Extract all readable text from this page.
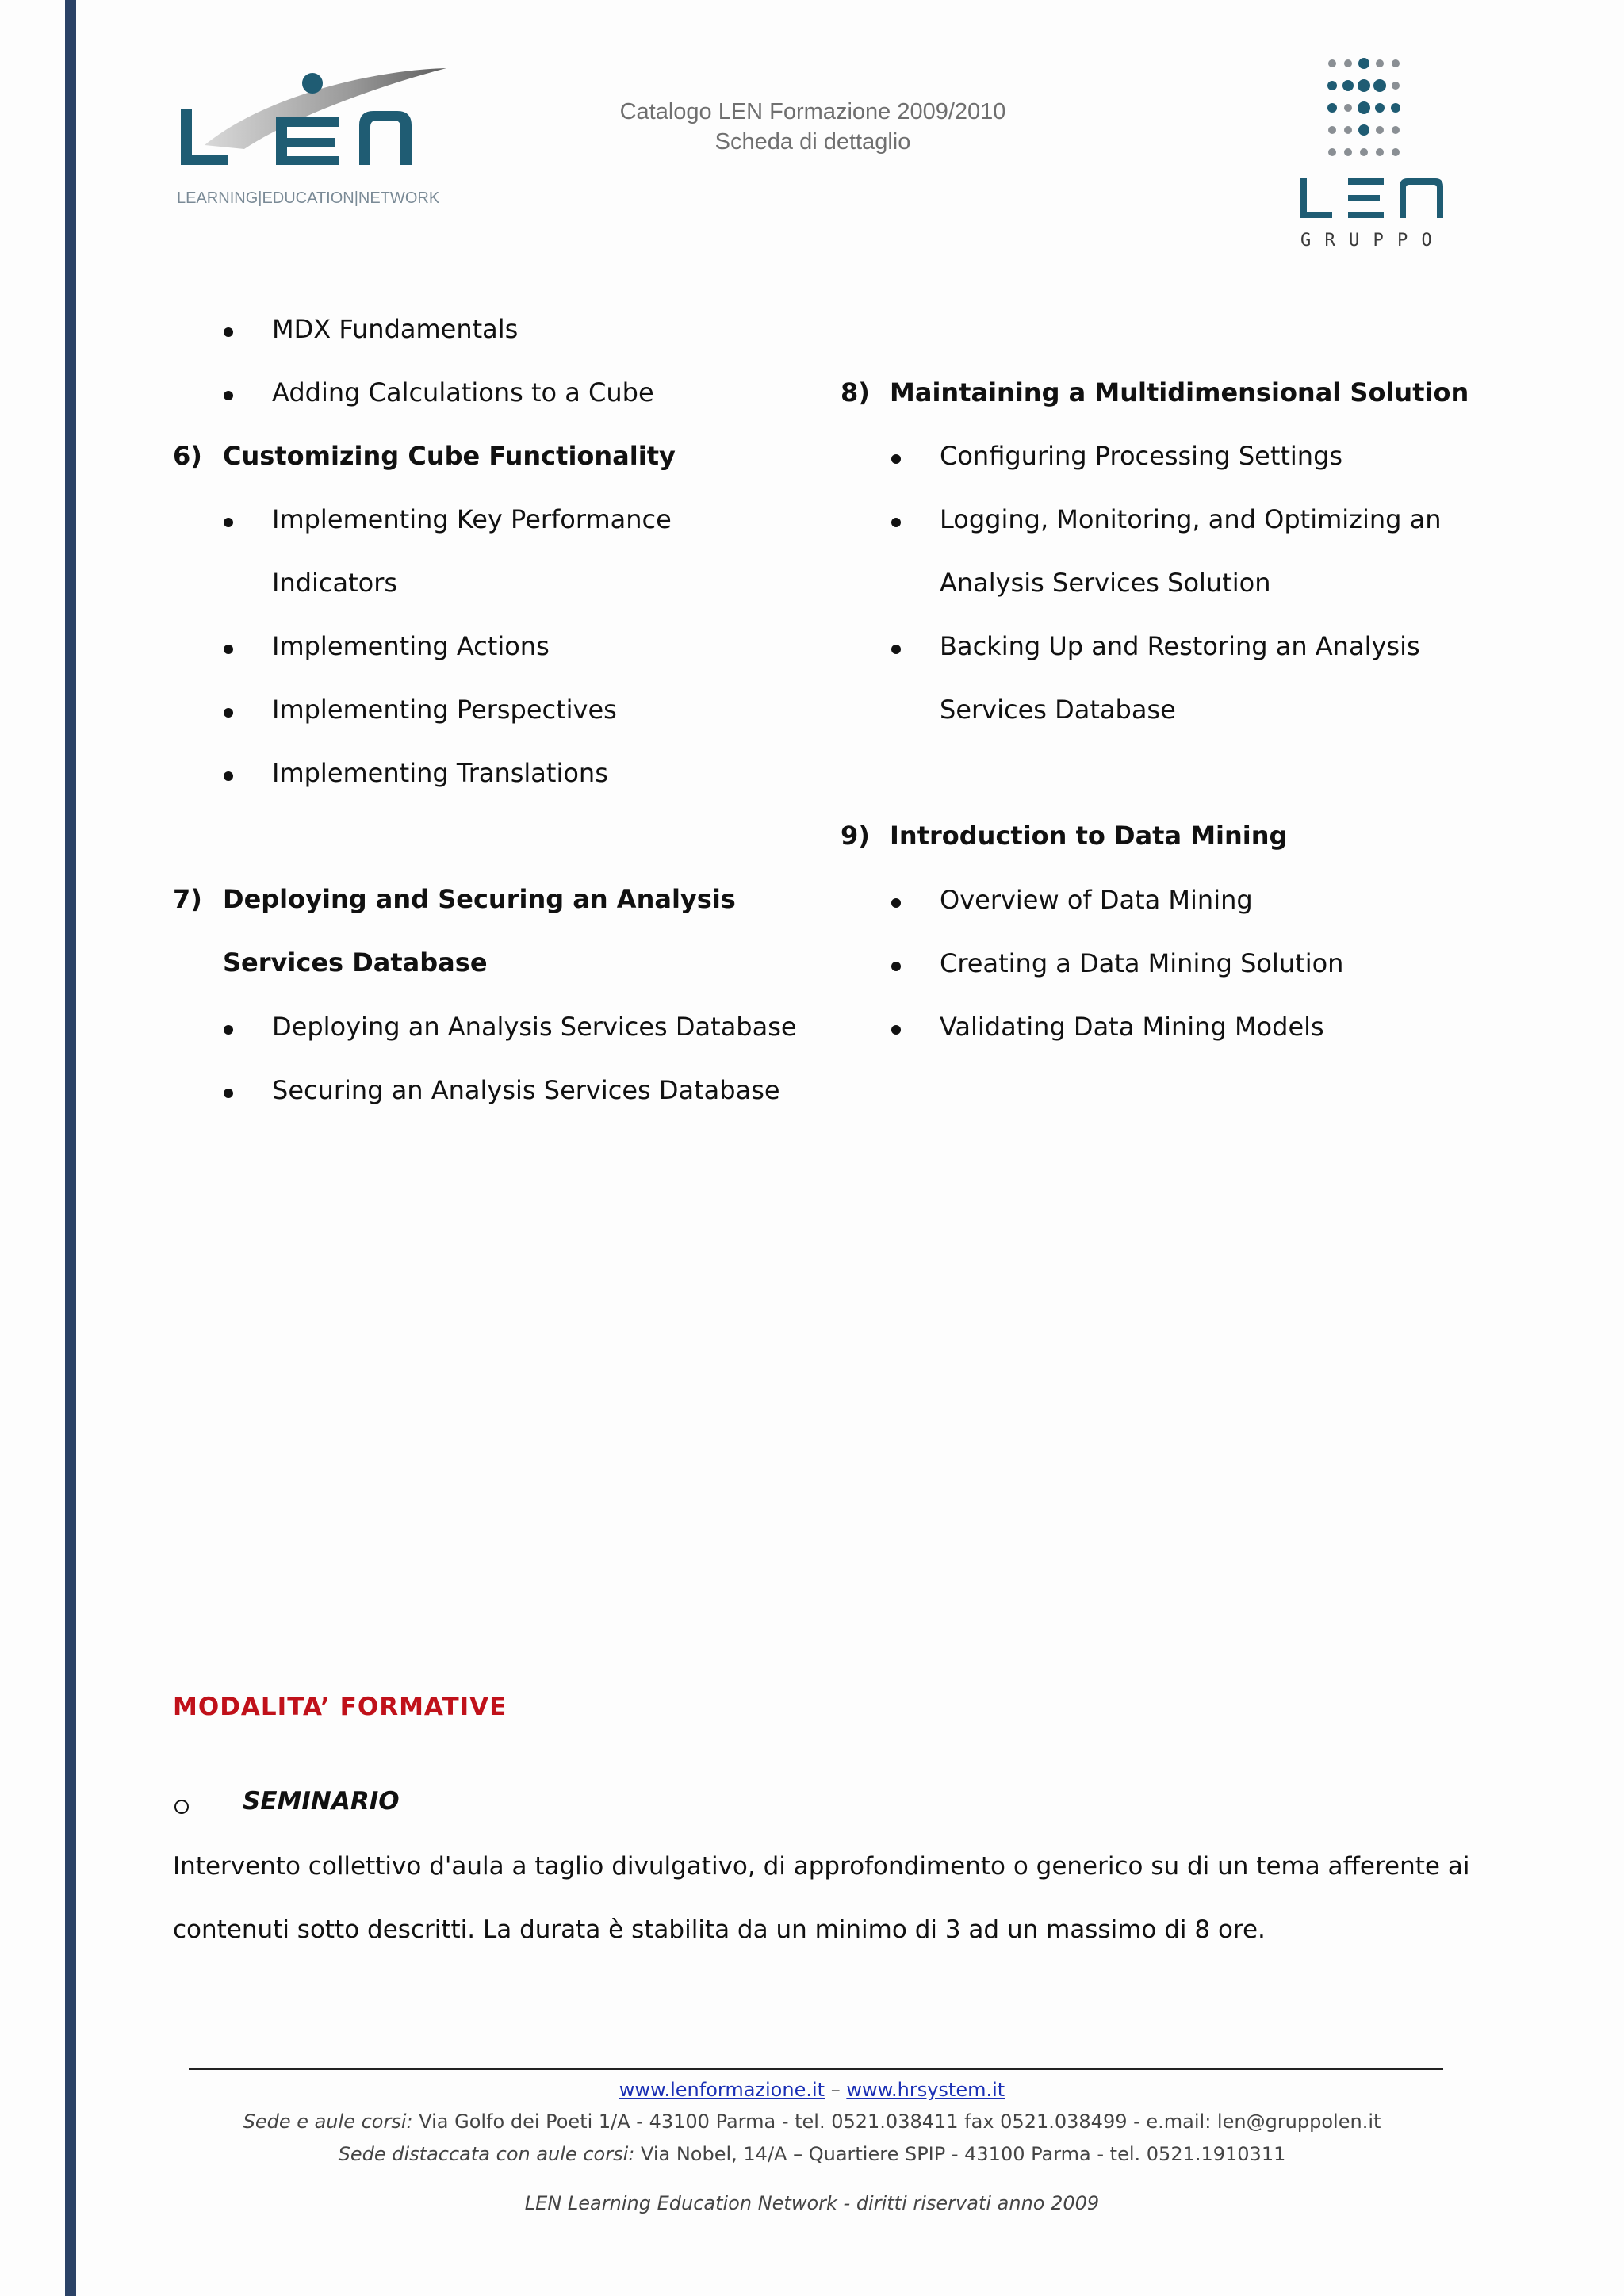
LEARNING|EDUCATION|NETWORK
Catalogo LEN Formazione 2009/2010
Scheda di dettaglio
G R U P P O
MDX Fundamentals
Adding Calculations to a Cube
6) Customizing Cube Functionality
Implementing Key Performance
Indicators
Implementing Actions
Implementing Perspectives
Implementing Translations
7) Deploying and Securing an Analysis
Services Database
Deploying an Analysis Services Database
Securing an Analysis Services Database
8) Maintaining a Multidimensional Solution
Configuring Processing Settings
Logging, Monitoring, and Optimizing an
Analysis Services Solution
Backing Up and Restoring an Analysis
Services Database
9) Introduction to Data Mining
Overview of Data Mining
Creating a Data Mining Solution
Validating Data Mining Models
MODALITA’ FORMATIVE
SEMINARIO
Intervento collettivo d'aula a taglio divulgativo, di approfondimento o generico su di un tema afferente ai
contenuti sotto descritti. La durata è stabilita da un minimo di 3 ad un massimo di 8 ore.
www.lenformazione.it – www.hrsystem.it
Sede e aule corsi: Via Golfo dei Poeti 1/A - 43100 Parma - tel. 0521.038411 fax 0521.038499 - e.mail: len@gruppolen.it
Sede distaccata con aule corsi: Via Nobel, 14/A – Quartiere SPIP - 43100 Parma - tel. 0521.1910311
LEN Learning Education Network - diritti riservati anno 2009
